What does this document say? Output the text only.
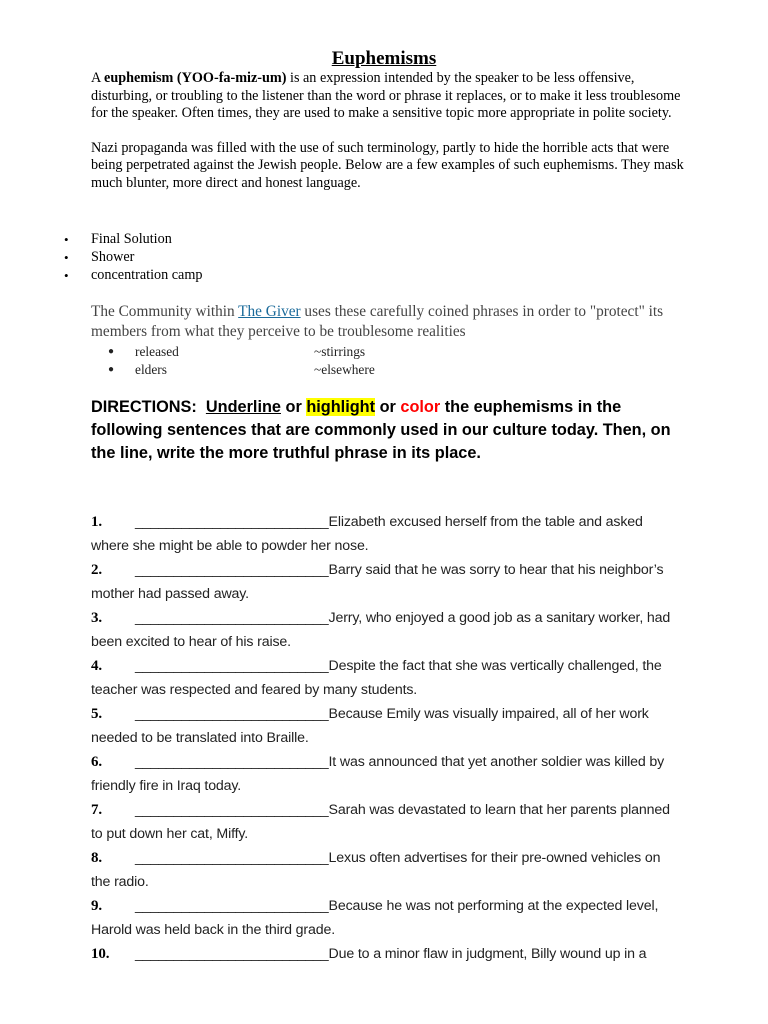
Euphemisms

A euphemism (YOO-fa-miz-um) is an expression intended by the speaker to be less offensive, disturbing, or troubling to the listener than the word or phrase it replaces, or to make it less troublesome for the speaker. Often times, they are used to make a sensitive topic more appropriate in polite society.

Nazi propaganda was filled with the use of such terminology, partly to hide the horrible acts that were being perpetrated against the Jewish people. Below are a few examples of such euphemisms. They mask much blunter, more direct and honest language.

• Final Solution
• Shower
• concentration camp
The Community within The Giver uses these carefully coined phrases in order to "protect" its members from what they perceive to be troublesome realities
● released	~stirrings
● elders	~elsewhere
DIRECTIONS: Underline or highlight or color the euphemisms in the following sentences that are commonly used in our culture today. Then, on the line, write the more truthful phrase in its place.
1. _________________________Elizabeth excused herself from the table and asked where she might be able to powder her nose.
2. _________________________Barry said that he was sorry to hear that his neighbor’s mother had passed away.
3. _________________________Jerry, who enjoyed a good job as a sanitary worker, had been excited to hear of his raise.
4. _________________________Despite the fact that she was vertically challenged, the teacher was respected and feared by many students.
5. _________________________Because Emily was visually impaired, all of her work needed to be translated into Braille.
6. _________________________It was announced that yet another soldier was killed by friendly fire in Iraq today.
7. _________________________Sarah was devastated to learn that her parents planned to put down her cat, Miffy.
8. _________________________Lexus often advertises for their pre-owned vehicles on the radio.
9. _________________________Because he was not performing at the expected level, Harold was held back in the third grade.
10. _________________________Due to a minor flaw in judgment, Billy wound up in a
